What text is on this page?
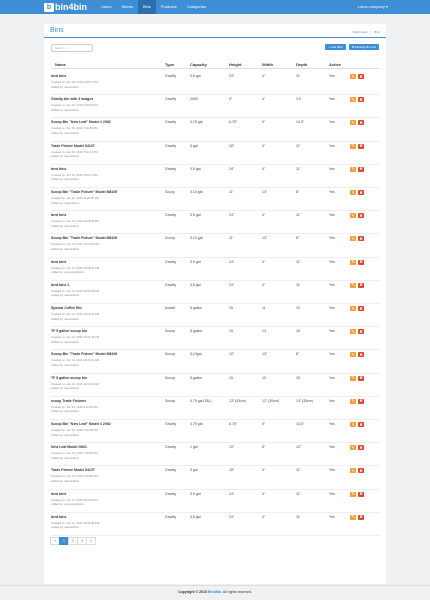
b bin4bin	Users	Stores	Bins	Products	Categories	Letus company ▾
Bins	Dashboard / Bins
Search	+ Add Bins	✚ Missing Bin List
Name	Type	Capacity	Height	Width	Depth	Active
best bins
Created on: Jun 18, 2016 3:36:07 PM
Added by: steveAdmin
Gravity	3.5 gal	24"	4"	11"	Yes	✎ ✖
Gravity bin with 3 images
Created on: Jun 16, 2016 1:35:00 PM
Added by: steveAdmin
Gravity	2000	3"	4"	3.5	Yes	✎ ✖
Scoop Bin "New Leaf" Model # 2062
Created on: Jun 15, 2016 7:20:49 AM
Added by: steveAdmin
Gravity	4.75 gal	6.75"	9"	14.5"	Yes	✎ ✖
Trade Fixture Model 5410T
Created on: Jun 15, 2016 7:09:17 AM
Added by: steveAdmin
Gravity	3 gal	18"	4"	11"	Yes	✎ ✖
best bins
Created on: Jun 15, 2016 7:09:17 AM
Added by: steveAdmin
Gravity	3.5 gal	24"	4"	11"	Yes	✎ ✖
Scoop Bin "Trade Fixture" Model M8100
Created on: Jun 14, 2016 11:25:29 PM
Added by: superAdmin
Scoop	3.13 gal	11"	13"	8"	Yes	✎ ✖
best bins
Created on: Jun 14, 2016 11:25:00 PM
Added by: steveAdmin
Gravity	3.5 gal	24"	4"	11"	Yes	✎ ✖
Scoop Bin "Trade Fixture" Model M8100
Created on: Jun 14, 2016 11:02:39 AM
Added by: steveAdmin
Scoop	3.13 gal	11"	13"	8"	Yes	✎ ✖
best bins
Created on: Jun 14, 2016 10:53:00 AM
Added by: companyAdmin
Gravity	3.5 gal	24"	4"	11"	Yes	✎ ✖
best bins 2
Created on: Jun 14, 2016 10:50:06 AM
Added by: steveAdmin
Gravity	3.5 gal	24"	4"	11"	Yes	✎ ✖
Special Coffee Bin
Created on: Jun 14, 2016 10:22:30 AM
Added by: steveAdmin
bucket	5 gallon	15	11	10	Yes	✎ ✖
TF 5 gallon scoop bin
Created on: Jun 14, 2016 10:21:25 AM
Added by: steveAdmin
Scoop	5 gallon	15	13	15	Yes	✎ ✖
Scoop Bin "Trade Fixture" Model M8100
Created on: Jun 14, 2016 10:21:01 AM
Added by: steveAdmin
Scoop	3.13gal	10"	13"	8"	Yes	✎ ✖
TF 5 gallon scoop bin
Created on: Jun 14, 2016 10:11:43 AM
Added by: steveAdmin
Scoop	5 gallon	15	13	15	Yes	✎ ✖
scoop Trade Fixtures
Created on: Jun 13, 2016 8:12:52 AM
Added by: steveAdmin
Scoop	4.75 gal (18L)	13" (33cm)	12" (30cm)	13" (33cm)	Yes	✎ ✖
Scoop Bin "New Leaf" Model # 2062
Created on: Jun 13, 2016 7:29:35 PM
Added by: steveAdmin
Gravity	4.75 gal	6.75"	9"	14.5"	Yes	✎ ✖
New Leaf Model G801
Created on: Jun 13, 2016 7:25:50 PM
Added by: steveAdmin
Gravity	1 gal	10"	6"	10"	Yes	✎ ✖
Trade Fixture Model 5410T
Created on: Jun 13, 2016 5:02:48 PM
Added by: steveAdmin
Gravity	3 gal	18"	4"	11"	Yes	✎ ✖
best bins
Created on: Jun 13, 2016 3:54:04 AM
Added by: companyAdmin
Gravity	3.5 gal	24"	4"	11"	Yes	✎ ✖
best bins
Created on: Jun 10, 2016 10:30:30 PM
Added by: steveAdmin
Gravity	3.5 gal	24"	4"	11"	Yes	✎ ✖
«	1	2	3	»
Copyright © 2015 Bin4Bin. All rights reserved.
